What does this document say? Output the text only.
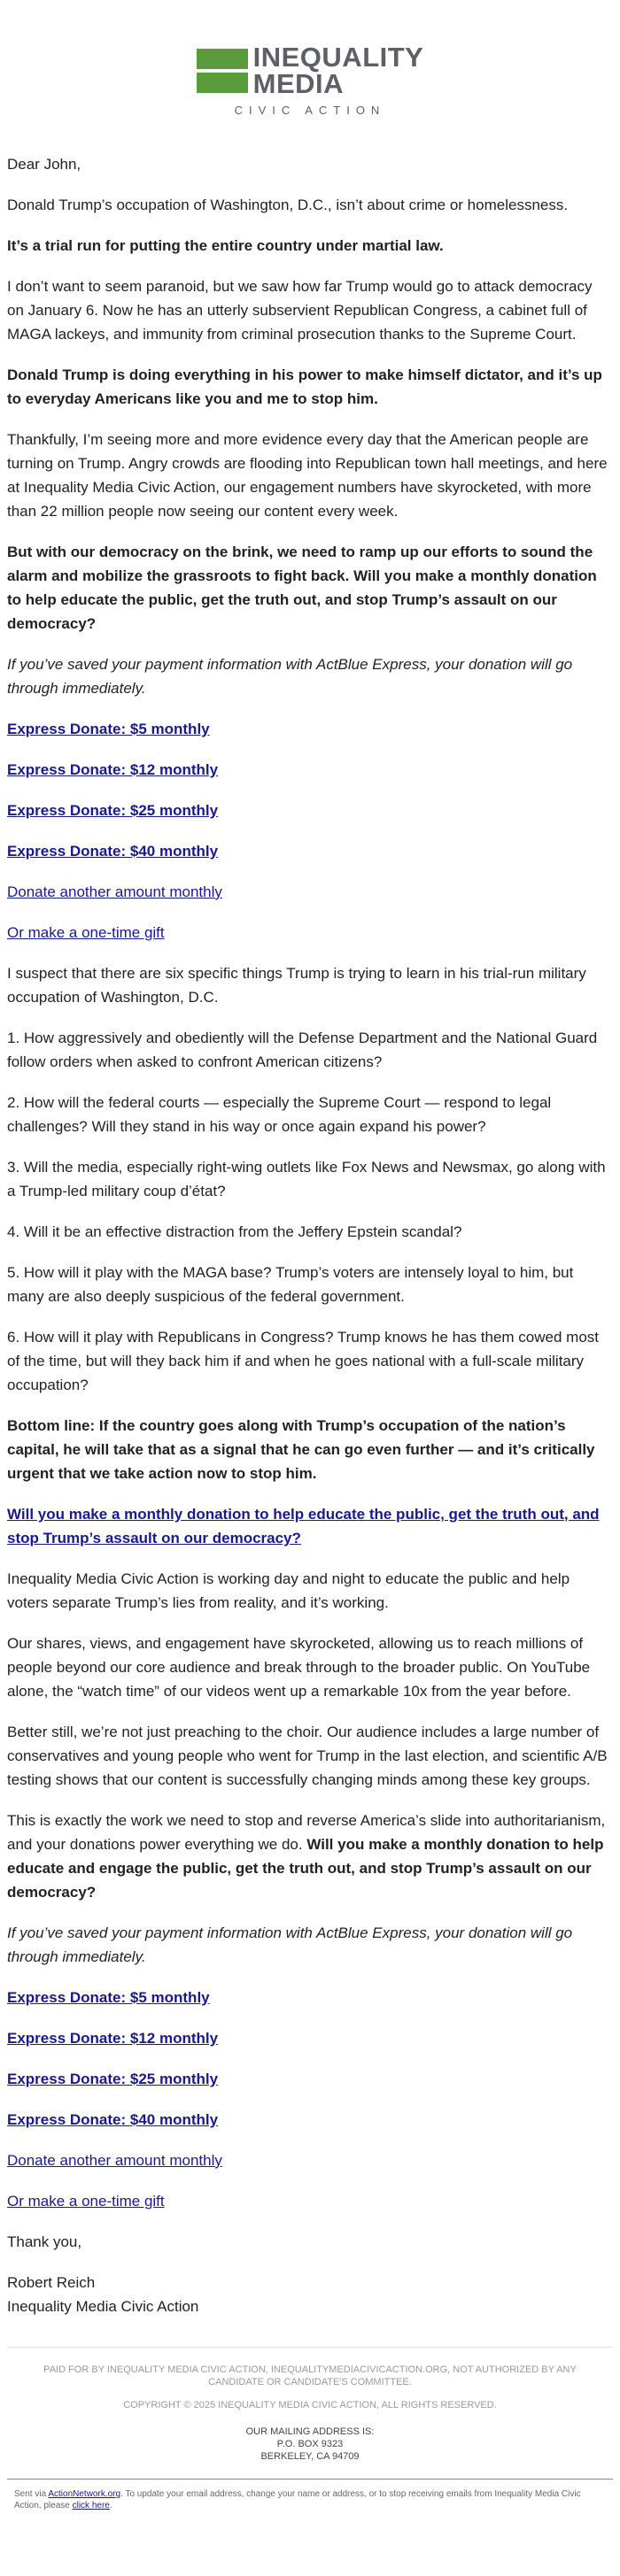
INEQUALITY
MEDIA
CIVIC ACTION

Dear John,

Donald Trump’s occupation of Washington, D.C., isn’t about crime or homelessness.

It’s a trial run for putting the entire country under martial law.

I don’t want to seem paranoid, but we saw how far Trump would go to attack democracy on January 6. Now he has an utterly subservient Republican Congress, a cabinet full of MAGA lackeys, and immunity from criminal prosecution thanks to the Supreme Court.

Donald Trump is doing everything in his power to make himself dictator, and it’s up to everyday Americans like you and me to stop him.

Thankfully, I’m seeing more and more evidence every day that the American people are turning on Trump. Angry crowds are flooding into Republican town hall meetings, and here at Inequality Media Civic Action, our engagement numbers have skyrocketed, with more than 22 million people now seeing our content every week.

But with our democracy on the brink, we need to ramp up our efforts to sound the alarm and mobilize the grassroots to fight back. Will you make a monthly donation to help educate the public, get the truth out, and stop Trump’s assault on our democracy?

If you’ve saved your payment information with ActBlue Express, your donation will go through immediately.

Express Donate: $5 monthly

Express Donate: $12 monthly

Express Donate: $25 monthly

Express Donate: $40 monthly

Donate another amount monthly

Or make a one-time gift

I suspect that there are six specific things Trump is trying to learn in his trial-run military occupation of Washington, D.C.

1. How aggressively and obediently will the Defense Department and the National Guard follow orders when asked to confront American citizens?

2. How will the federal courts — especially the Supreme Court — respond to legal challenges? Will they stand in his way or once again expand his power?

3. Will the media, especially right-wing outlets like Fox News and Newsmax, go along with a Trump-led military coup d’état?

4. Will it be an effective distraction from the Jeffery Epstein scandal?

5. How will it play with the MAGA base? Trump’s voters are intensely loyal to him, but many are also deeply suspicious of the federal government.

6. How will it play with Republicans in Congress? Trump knows he has them cowed most of the time, but will they back him if and when he goes national with a full-scale military occupation?

Bottom line: If the country goes along with Trump’s occupation of the nation’s capital, he will take that as a signal that he can go even further — and it’s critically urgent that we take action now to stop him.

Will you make a monthly donation to help educate the public, get the truth out, and stop Trump’s assault on our democracy?

Inequality Media Civic Action is working day and night to educate the public and help voters separate Trump’s lies from reality, and it’s working.

Our shares, views, and engagement have skyrocketed, allowing us to reach millions of people beyond our core audience and break through to the broader public. On YouTube alone, the “watch time” of our videos went up a remarkable 10x from the year before.

Better still, we’re not just preaching to the choir. Our audience includes a large number of conservatives and young people who went for Trump in the last election, and scientific A/B testing shows that our content is successfully changing minds among these key groups.

This is exactly the work we need to stop and reverse America’s slide into authoritarianism, and your donations power everything we do. Will you make a monthly donation to help educate and engage the public, get the truth out, and stop Trump’s assault on our democracy?

If you’ve saved your payment information with ActBlue Express, your donation will go through immediately.

Express Donate: $5 monthly

Express Donate: $12 monthly

Express Donate: $25 monthly

Express Donate: $40 monthly

Donate another amount monthly

Or make a one-time gift

Thank you,

Robert Reich

Inequality Media Civic Action

PAID FOR BY INEQUALITY MEDIA CIVIC ACTION, INEQUALITYMEDIACIVICACTION.ORG, NOT AUTHORIZED BY ANY CANDIDATE OR CANDIDATE'S COMMITTEE.

COPYRIGHT © 2025 INEQUALITY MEDIA CIVIC ACTION, ALL RIGHTS RESERVED.

OUR MAILING ADDRESS IS:
P.O. BOX 9323
BERKELEY, CA 94709
Sent via ActionNetwork.org. To update your email address, change your name or address, or to stop receiving emails from Inequality Media Civic Action, please click here.
